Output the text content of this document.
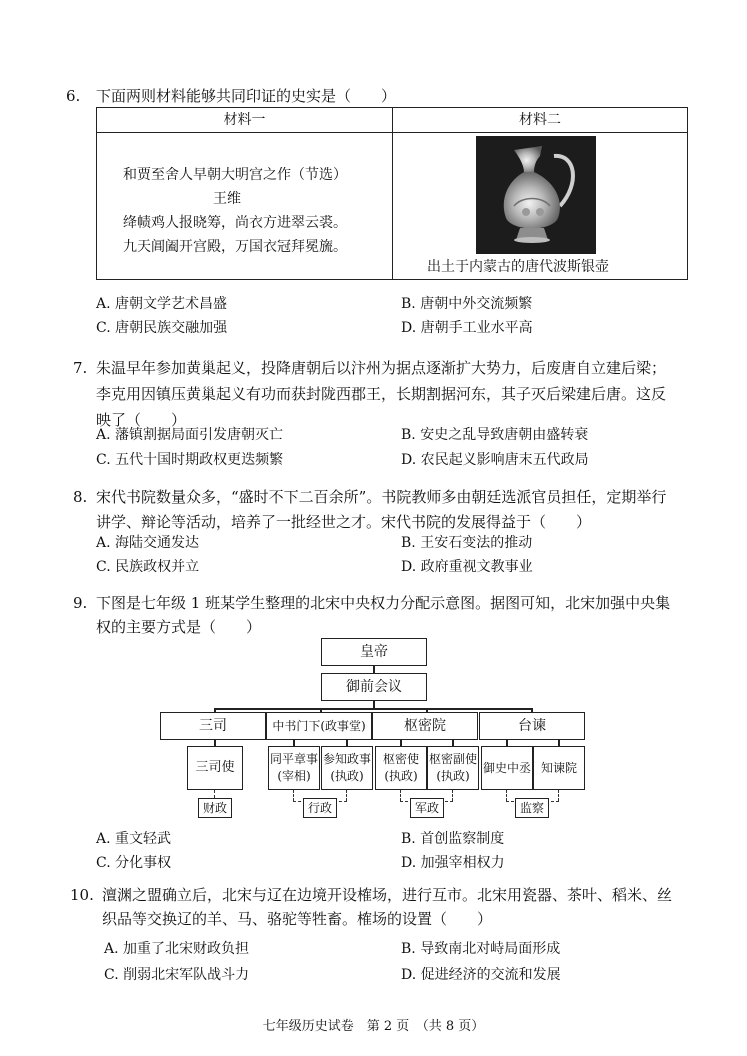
6. 下面两则材料能够共同印证的史实是（　　）
材料一	材料二
和贾至舍人早朝大明宫之作（节选）
王维
绛帻鸡人报晓筹，尚衣方进翠云裘。
九天阊阖开宫殿，万国衣冠拜冕旒。
出土于内蒙古的唐代波斯银壶
A. 唐朝文学艺术昌盛	B. 唐朝中外交流频繁
C. 唐朝民族交融加强	D. 唐朝手工业水平高
7. 朱温早年参加黄巢起义，投降唐朝后以汴州为据点逐渐扩大势力，后废唐自立建后梁；
李克用因镇压黄巢起义有功而获封陇西郡王，长期割据河东，其子灭后梁建后唐。这反
映了（　　）
A. 藩镇割据局面引发唐朝灭亡	B. 安史之乱导致唐朝由盛转衰
C. 五代十国时期政权更迭频繁	D. 农民起义影响唐末五代政局
8. 宋代书院数量众多，“盛时不下二百余所”。书院教师多由朝廷选派官员担任，定期举行
讲学、辩论等活动，培养了一批经世之才。宋代书院的发展得益于（　　）
A. 海陆交通发达	B. 王安石变法的推动
C. 民族政权并立	D. 政府重视文教事业
9. 下图是七年级 1 班某学生整理的北宋中央权力分配示意图。据图可知，北宋加强中央集
权的主要方式是（　　）
皇帝
御前会议
三司	中书门下(政事堂)	枢密院	台谏
三司使
同平章事
(宰相)
参知政事
(执政)
枢密使
(执政)
枢密副使
(执政)
御史中丞 知谏院
财政	行政	军政	监察
A. 重文轻武	B. 首创监察制度
C. 分化事权	D. 加强宰相权力
10. 澶渊之盟确立后，北宋与辽在边境开设榷场，进行互市。北宋用瓷器、茶叶、稻米、丝
织品等交换辽的羊、马、骆驼等牲畜。榷场的设置（　　）
A. 加重了北宋财政负担	B. 导致南北对峙局面形成
C. 削弱北宋军队战斗力	D. 促进经济的交流和发展
七年级历史试卷　第 2 页　（共 8 页）
